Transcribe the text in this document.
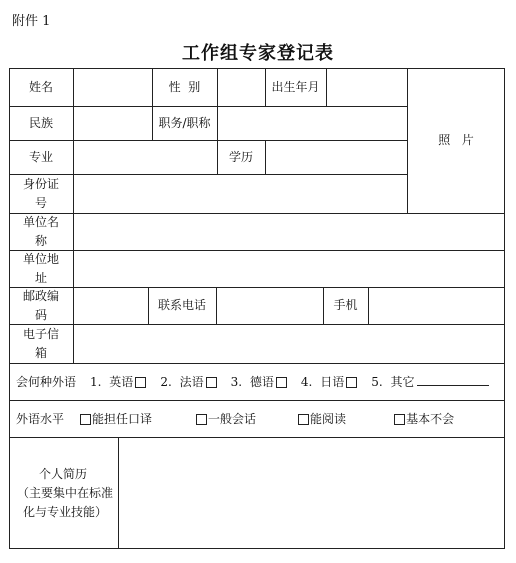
附件 1
工作组专家登记表
姓名	性  别	出生年月
照   片
民族	职务/职称
专业	学历
身份证号
单位名称
单位地址
邮政编码
联系电话	手机
电子信箱
会何种外语 1. 英语	2. 法语	3. 德语	4. 日语	5. 其它
外语水平	能担任口译	一般会话	能阅读	基本不会
个人简历
（主要集中在标准化与专业技能）
